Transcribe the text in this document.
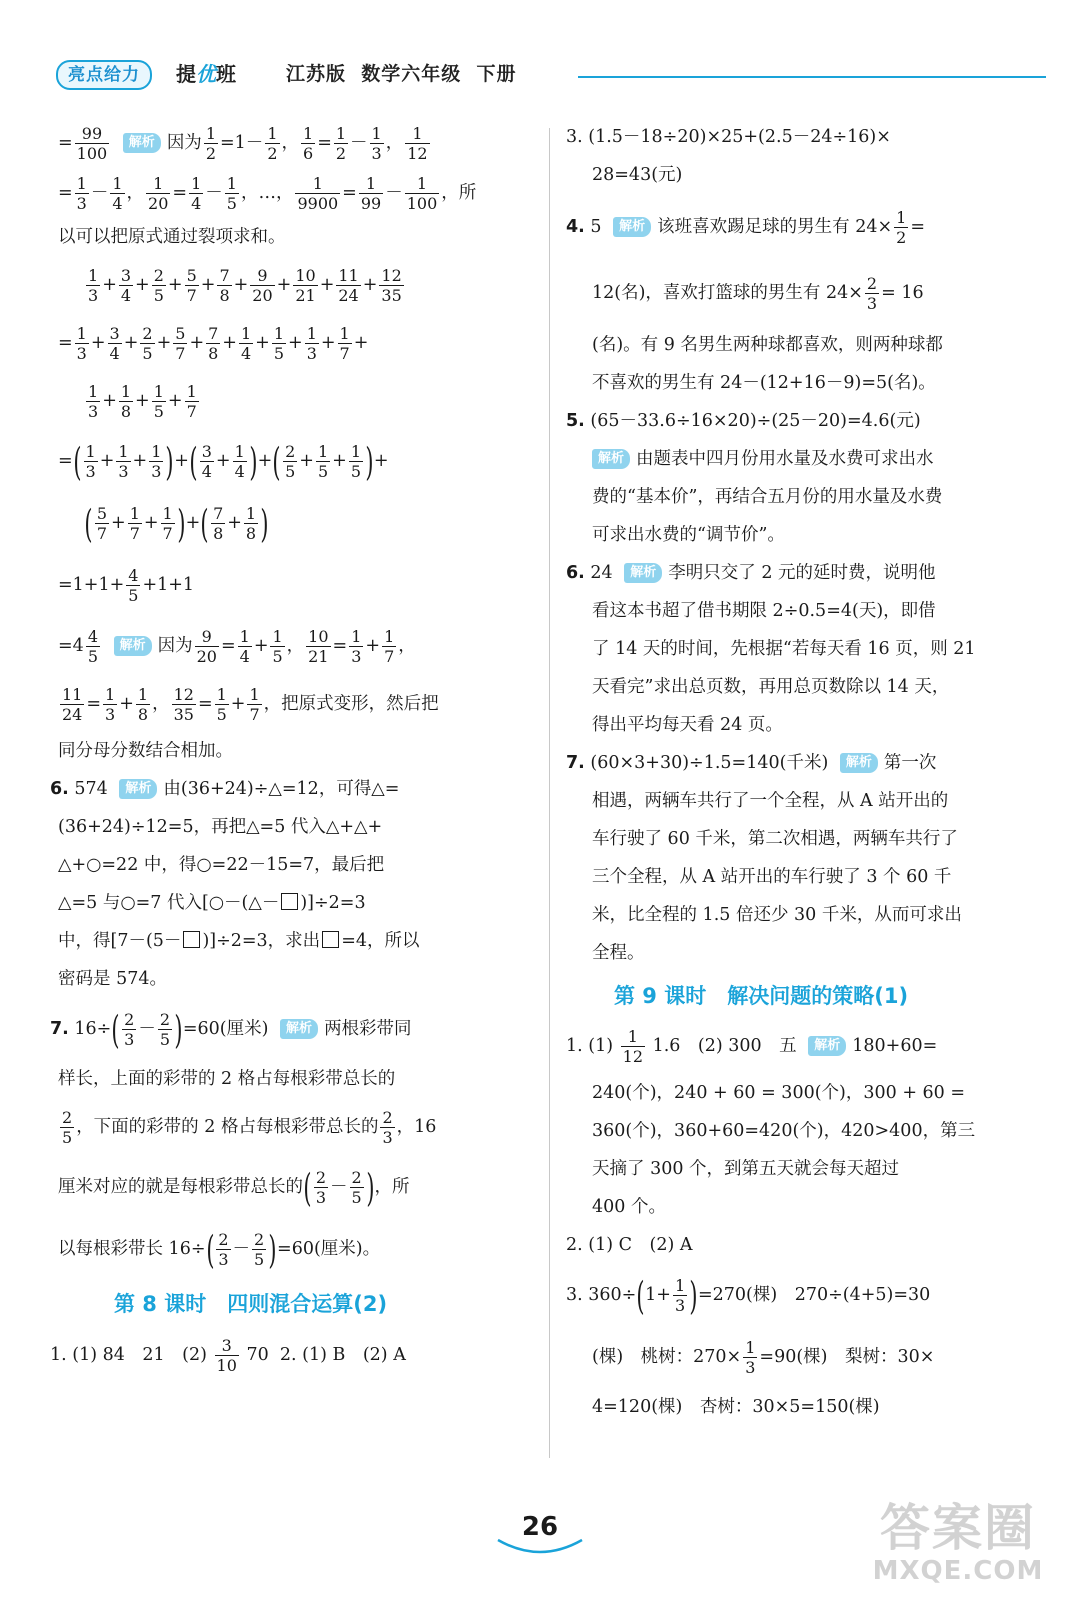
亮点给力	提优班	江苏版  数学六年级  下册
= $\frac{99}{100}$ 解析 因为 $\frac{1}{2} =1- \frac{1}{2}$ ， $\frac{1}{6} = \frac{1}{2} - \frac{1}{3}$ ， $\frac{1}{12}$
= $\frac{1}{3} - \frac{1}{4}$ ， $\frac{1}{20} = \frac{1}{4} - \frac{1}{5}$ ，…， $\frac{1}{9900} = \frac{1}{99} - \frac{1}{100}$ ，所
以可以把原式通过裂项求和。
$\frac{1}{3} + \frac{3}{4} + \frac{2}{5} + \frac{5}{7} + \frac{7}{8} + \frac{9}{20} + \frac{10}{21} + \frac{11}{24} + \frac{12}{35}$
= $\frac{1}{3} + \frac{3}{4} + \frac{2}{5} + \frac{5}{7} + \frac{7}{8} + \frac{1}{4} + \frac{1}{5} + \frac{1}{3} + \frac{1}{7}$ +
$\frac{1}{3} + \frac{1}{8} + \frac{1}{5} + \frac{1}{7}$
=( $\frac{1}{3} + \frac{1}{3} + \frac{1}{3}$ )+( $\frac{3}{4} + \frac{1}{4}$ )+( $\frac{2}{5} + \frac{1}{5} + \frac{1}{5}$ )+
( $\frac{5}{7} + \frac{1}{7} + \frac{1}{7}$ )+( $\frac{7}{8} + \frac{1}{8}$ )
$=1+1+ \frac{4}{5} +1+1$
$=4 \frac{4}{5}$ 解析 因为 $\frac{9}{20} = \frac{1}{4} + \frac{1}{5}$ ， $\frac{10}{21} = \frac{1}{3} + \frac{1}{7}$ ，
$\frac{11}{24} = \frac{1}{3} + \frac{1}{8}$ ， $\frac{12}{35} = \frac{1}{5} + \frac{1}{7}$ ，把原式变形，然后把
同分母分数结合相加。
6. 574 解析 由(36+24)÷△=12，可得△=
(36+24)÷12=5，再把△=5 代入△+△+
△+○=22 中，得○=22－15=7，最后把
△=5 与○=7 代入[○－(△－ )]÷2=3
中，得[7－(5－ )]÷2=3，求出 =4，所以
密码是 574。
7. $16\div( \frac{2}{3} - \frac{2}{5} )=60$(厘米) 解析 两根彩带同
样长，上面的彩带的 2 格占每根彩带总长的
$\frac{2}{5}$ ，下面的彩带的 2 格占每根彩带总长的 $\frac{2}{3}$ ，16
厘米对应的就是每根彩带总长的( $\frac{2}{3} - \frac{2}{5}$ )，所
以每根彩带长 $16\div( \frac{2}{3} - \frac{2}{5} )=60$(厘米)。
第 8 课时　四则混合运算(2)
1. (1) 84　21　$(2) \frac{3}{10} 70$ 2. (1) B　(2) A
3. (1.5－18÷20)×25+(2.5－24÷16)×
28=43(元)
4. 5 解析 该班喜欢踢足球的男生有 $24\times \frac{1}{2}$ =
12(名)，喜欢打篮球的男生有 $24\times \frac{2}{3} = 16$
(名)。有 9 名男生两种球都喜欢，则两种球都
不喜欢的男生有 24－(12+16－9)=5(名)。
5. (65－33.6÷16×20)÷(25－20)=4.6(元)
解析 由题表中四月份用水量及水费可求出水
费的“基本价”，再结合五月份的用水量及水费
可求出水费的“调节价”。
6. 24 解析 李明只交了 2 元的延时费，说明他
看这本书超了借书期限 2÷0.5=4(天)，即借
了 14 天的时间，先根据“若每天看 16 页，则 21
天看完”求出总页数，再用总页数除以 14 天，
得出平均每天看 24 页。
7. (60×3+30)÷1.5=140(千米) 解析 第一次
相遇，两辆车共行了一个全程，从 A 站开出的
车行驶了 60 千米，第二次相遇，两辆车共行了
三个全程，从 A 站开出的车行驶了 3 个 60 千
米，比全程的 1.5 倍还少 30 千米，从而可求出
全程。
第 9 课时　解决问题的策略(1)
1. $(1) \frac{1}{12} 1.6$　(2) 300　五 解析 180+60=
240(个)，240 + 60 = 300(个)，300 + 60 =
360(个)，360+60=420(个)，420>400，第三
天摘了 300 个，到第五天就会每天超过
400 个。
2. (1) C　(2) A
3. $360\div(1+ \frac{1}{3} )=270$(棵)　270÷(4+5)=30
(棵)　桃树：$270\times \frac{1}{3} =90$(棵)　梨树：30×
4=120(棵)　杏树：30×5=150(棵)
26	答案圈
MXQE.COM
